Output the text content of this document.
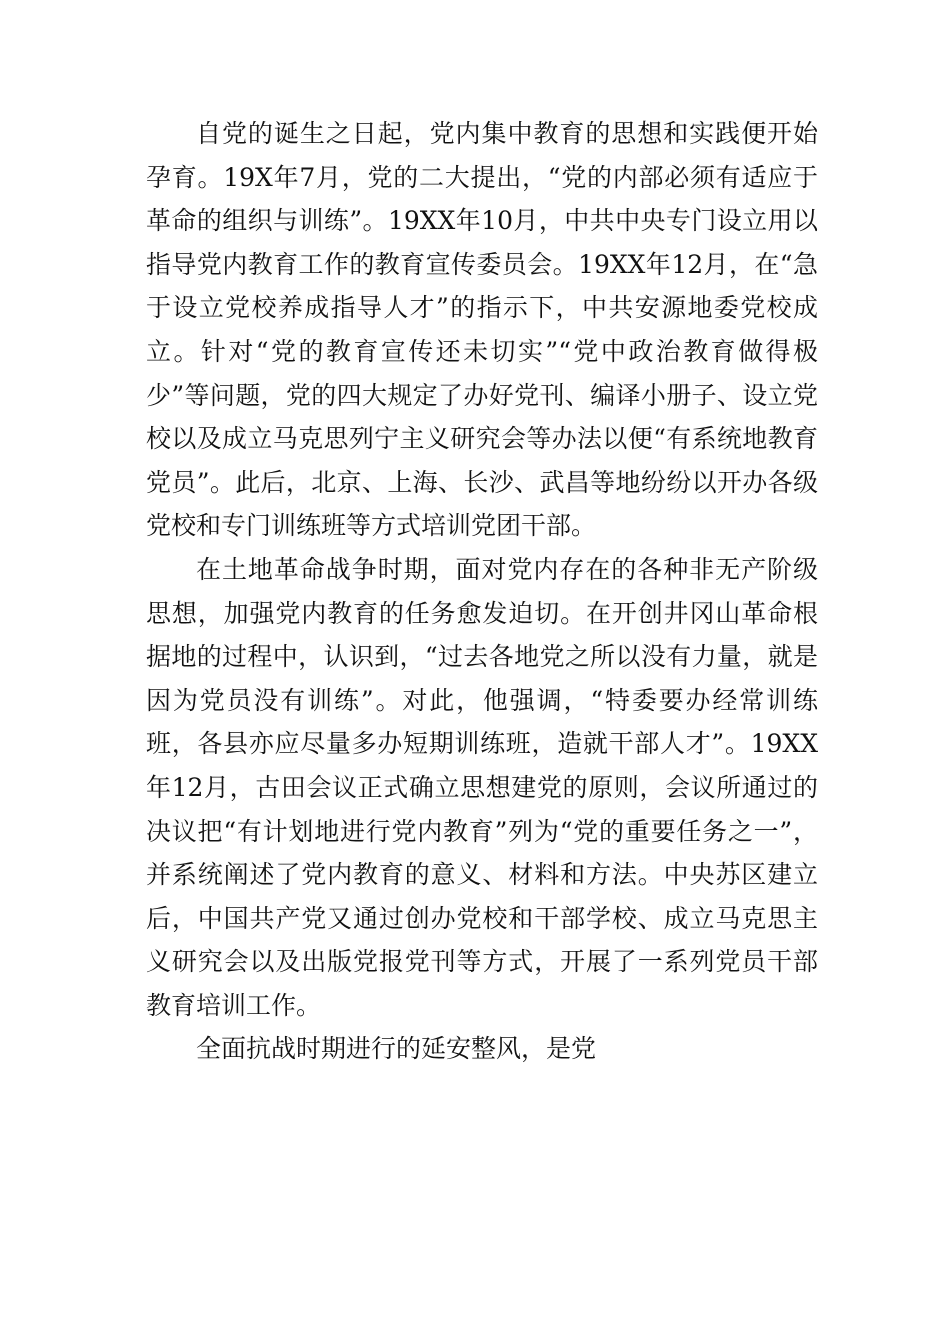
自党的诞生之日起，党内集中教育的思想和实践便开始孕育。19X年7月，党的二大提出，“党的内部必须有适应于革命的组织与训练”。19XX年10月，中共中央专门设立用以指导党内教育工作的教育宣传委员会。19XX年12月，在“急于设立党校养成指导人才”的指示下，中共安源地委党校成立。针对“党的教育宣传还未切实”“党中政治教育做得极少”等问题，党的四大规定了办好党刊、编译小册子、设立党校以及成立马克思列宁主义研究会等办法以便“有系统地教育党员”。此后，北京、上海、长沙、武昌等地纷纷以开办各级党校和专门训练班等方式培训党团干部。

在土地革命战争时期，面对党内存在的各种非无产阶级思想，加强党内教育的任务愈发迫切。在开创井冈山革命根据地的过程中，认识到，“过去各地党之所以没有力量，就是因为党员没有训练”。对此，他强调，“特委要办经常训练班，各县亦应尽量多办短期训练班，造就干部人才”。19XX年12月，古田会议正式确立思想建党的原则，会议所通过的决议把“有计划地进行党内教育”列为“党的重要任务之一”，并系统阐述了党内教育的意义、材料和方法。中央苏区建立后，中国共产党又通过创办党校和干部学校、成立马克思主义研究会以及出版党报党刊等方式，开展了一系列党员干部教育培训工作。

全面抗战时期进行的延安整风，是党
